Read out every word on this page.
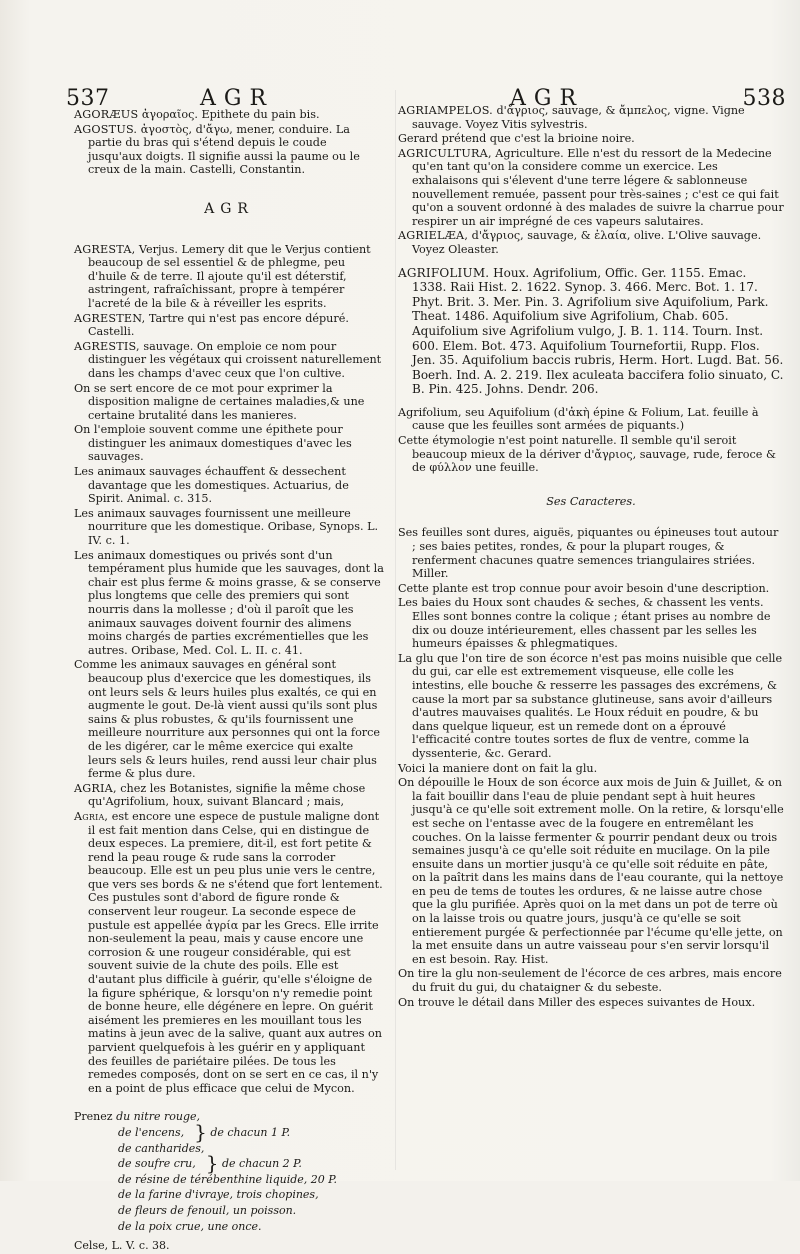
537	AGR	AGR	538

AGORÆUS ἀγοραῖος. Epithete du pain bis.

AGOSTUS. ἀγοστὸς, d'ἄγω, mener, conduire. La partie du bras qui s'étend depuis le coude jusqu'aux doigts. Il signifie aussi la paume ou le creux de la main. Castelli, Constantin.

AGR

AGRESTA, Verjus. Lemery dit que le Verjus contient beaucoup de sel essentiel & de phlegme, peu d'huile & de terre. Il ajoute qu'il est déterstif, astringent, rafraîchissant, propre à tempérer l'acreté de la bile & à réveiller les esprits.

AGRESTEN, Tartre qui n'est pas encore dépuré. Castelli.

AGRESTIS, sauvage. On emploie ce nom pour distinguer les végétaux qui croissent naturellement dans les champs d'avec ceux que l'on cultive.

On se sert encore de ce mot pour exprimer la disposition maligne de certaines maladies,& une certaine brutalité dans les manieres.

On l'emploie souvent comme une épithete pour distinguer les animaux domestiques d'avec les sauvages.

Les animaux sauvages échauffent & dessechent davantage que les domestiques. Actuarius, de Spirit. Animal. c. 315.

Les animaux sauvages fournissent une meilleure nourriture que les domestique. Oribase, Synops. L. IV. c. 1.

Les animaux domestiques ou privés sont d'un tempérament plus humide que les sauvages, dont la chair est plus ferme & moins grasse, & se conserve plus longtems que celle des premiers qui sont nourris dans la mollesse ; d'où il paroît que les animaux sauvages doivent fournir des alimens moins chargés de parties excrémentielles que les autres. Oribase, Med. Col. L. II. c. 41.

Comme les animaux sauvages en général sont beaucoup plus d'exercice que les domestiques, ils ont leurs sels & leurs huiles plus exaltés, ce qui en augmente le gout. De-là vient aussi qu'ils sont plus sains & plus robustes, & qu'ils fournissent une meilleure nourriture aux personnes qui ont la force de les digérer, car le même exercice qui exalte leurs sels & leurs huiles, rend aussi leur chair plus ferme & plus dure.

AGRIA, chez les Botanistes, signifie la même chose qu'Agrifolium, houx, suivant Blancard ; mais,

Agria, est encore une espece de pustule maligne dont il est fait mention dans Celse, qui en distingue de deux especes. La premiere, dit-il, est fort petite & rend la peau rouge & rude sans la corroder beaucoup. Elle est un peu plus unie vers le centre, que vers ses bords & ne s'étend que fort lentement. Ces pustules sont d'abord de figure ronde & conservent leur rougeur. La seconde espece de pustule est appellée ἀγρία par les Grecs. Elle irrite non-seulement la peau, mais y cause encore une corrosion & une rougeur considérable, qui est souvent suivie de la chute des poils. Elle est d'autant plus difficile à guérir, qu'elle s'éloigne de la figure sphérique, & lorsqu'on n'y remedie point de bonne heure, elle dégénere en lepre. On guérit aisément les premieres en les mouillant tous les matins à jeun avec de la salive, quant aux autres on parvient quelquefois à les guérir en y appliquant des feuilles de pariétaire pilées. De tous les remedes composés, dont on se sert en ce cas, il n'y en a point de plus efficace que celui de Mycon.

Prenez
du nitre rouge,
de l'encens, } de chacun 1 P.
de cantharides,
de soufre cru, } de chacun 2 P.
de résine de térébenthine liquide, 20 P.
de la farine d'ivraye, trois chopines,
de fleurs de fenouil, un poisson.
de la poix crue, une once.
Celse, L. V. c. 38.

AGRIAMPELOS. d'ἄγριος, sauvage, & ἄμπελος, vigne. Vigne sauvage. Voyez Vitis sylvestris.

Gerard prétend que c'est la brioine noire.

AGRICULTURA, Agriculture. Elle n'est du ressort de la Medecine qu'en tant qu'on la considere comme un exercice. Les exhalaisons qui s'élevent d'une terre légere & sablonneuse nouvellement remuée, passent pour très-saines ; c'est ce qui fait qu'on a souvent ordonné à des malades de suivre la charrue pour respirer un air imprégné de ces vapeurs salutaires.

AGRIELÆA, d'ἄγριος, sauvage, & ἐλαία, olive. L'Olive sauvage. Voyez Oleaster.

AGRIFOLIUM. Houx. Agrifolium, Offic. Ger. 1155. Emac. 1338. Raii Hist. 2. 1622. Synop. 3. 466. Merc. Bot. 1. 17. Phyt. Brit. 3. Mer. Pin. 3. Agrifolium sive Aquifolium, Park. Theat. 1486. Aquifolium sive Agrifolium, Chab. 605. Aquifolium sive Agrifolium vulgo, J. B. 1. 114. Tourn. Inst. 600. Elem. Bot. 473. Aquifolium Tournefortii, Rupp. Flos. Jen. 35. Aquifolium baccis rubris, Herm. Hort. Lugd. Bat. 56. Boerh. Ind. A. 2. 219. Ilex aculeata baccifera folio sinuato, C. B. Pin. 425. Johns. Dendr. 206.

Agrifolium, seu Aquifolium (d'ἀκὴ épine & Folium, Lat. feuille à cause que les feuilles sont armées de piquants.)

Cette étymologie n'est point naturelle. Il semble qu'il seroit beaucoup mieux de la dériver d'ἄγριος, sauvage, rude, feroce & de φύλλον une feuille.

Ses Caracteres.

Ses feuilles sont dures, aiguës, piquantes ou épineuses tout autour ; ses baies petites, rondes, & pour la plupart rouges, & renferment chacunes quatre semences triangulaires striées. Miller.

Cette plante est trop connue pour avoir besoin d'une description.

Les baies du Houx sont chaudes & seches, & chassent les vents. Elles sont bonnes contre la colique ; étant prises au nombre de dix ou douze intérieurement, elles chassent par les selles les humeurs épaisses & phlegmatiques.

La glu que l'on tire de son écorce n'est pas moins nuisible que celle du gui, car elle est extremement visqueuse, elle colle les intestins, elle bouche & resserre les passages des excrémens, & cause la mort par sa substance glutineuse, sans avoir d'ailleurs d'autres mauvaises qualités. Le Houx réduit en poudre, & bu dans quelque liqueur, est un remede dont on a éprouvé l'efficacité contre toutes sortes de flux de ventre, comme la dyssenterie, &c. Gerard.

Voici la maniere dont on fait la glu.

On dépouille le Houx de son écorce aux mois de Juin & Juillet, & on la fait bouillir dans l'eau de pluie pendant sept à huit heures jusqu'à ce qu'elle soit extrement molle. On la retire, & lorsqu'elle est seche on l'entasse avec de la fougere en entremêlant les couches. On la laisse fermenter & pourrir pendant deux ou trois semaines jusqu'à ce qu'elle soit réduite en mucilage. On la pile ensuite dans un mortier jusqu'à ce qu'elle soit réduite en pâte, on la paîtrit dans les mains dans de l'eau courante, qui la nettoye en peu de tems de toutes les ordures, & ne laisse autre chose que la glu purifiée. Après quoi on la met dans un pot de terre où on la laisse trois ou quatre jours, jusqu'à ce qu'elle se soit entierement purgée & perfectionnée par l'écume qu'elle jette, on la met ensuite dans un autre vaisseau pour s'en servir lorsqu'il en est besoin. Ray. Hist.

On tire la glu non-seulement de l'écorce de ces arbres, mais encore du fruit du gui, du chataigner & du sebeste.

On trouve le détail dans Miller des especes suivantes de Houx.
